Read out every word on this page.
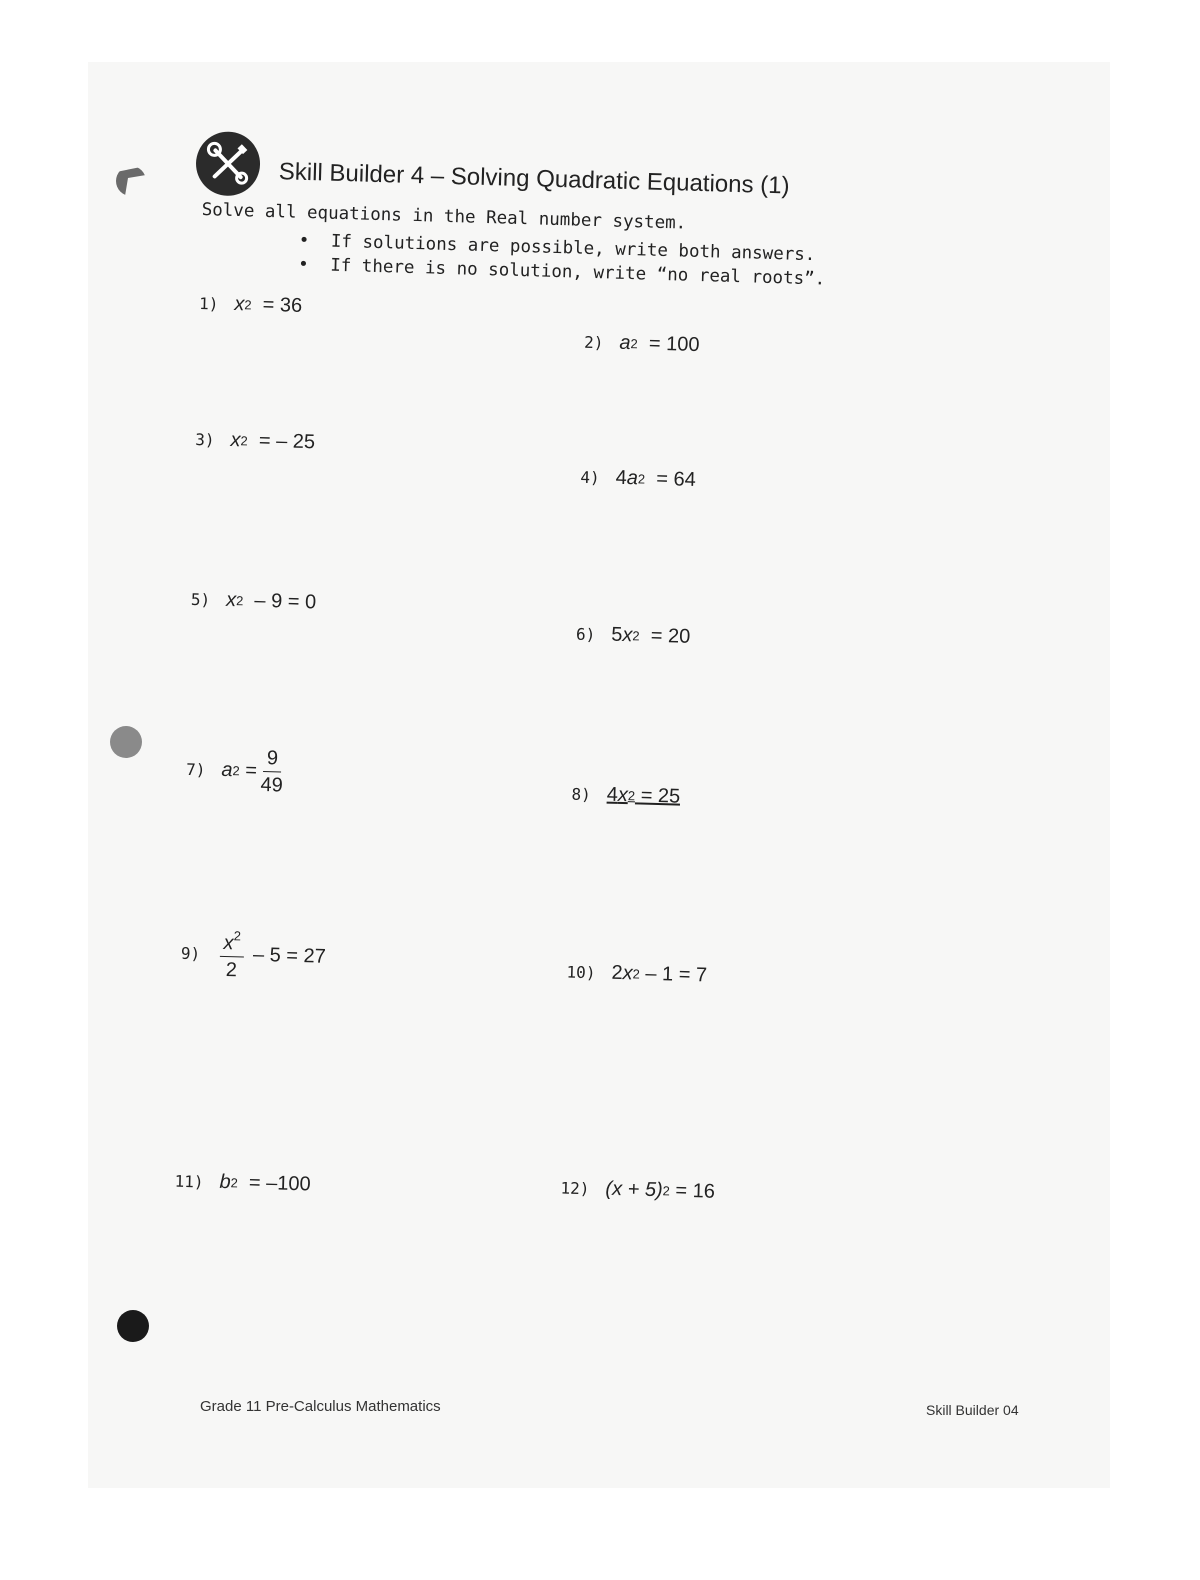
Skill Builder 4 – Solving Quadratic Equations (1)
Solve all equations in the Real number system.
• If solutions are possible, write both answers.
• If there is no solution, write “no real roots”.
1) x 2
= 36
2) a 2
= 100
3) x 2
= – 25
4) 4 a 2
= 64
5) x 2
– 9 = 0
6) 5 x 2
= 20
7) a 2
= $\frac{9}{49}$	8) 4 x 2
= 25
$9) \frac{x^2}{2}$
– 5 = 27
10) 2 x 2
– 1 = 7
11) b 2
= –100	12) (x + 5) 2
= 16
Grade 11 Pre-Calculus Mathematics	Skill Builder 04
